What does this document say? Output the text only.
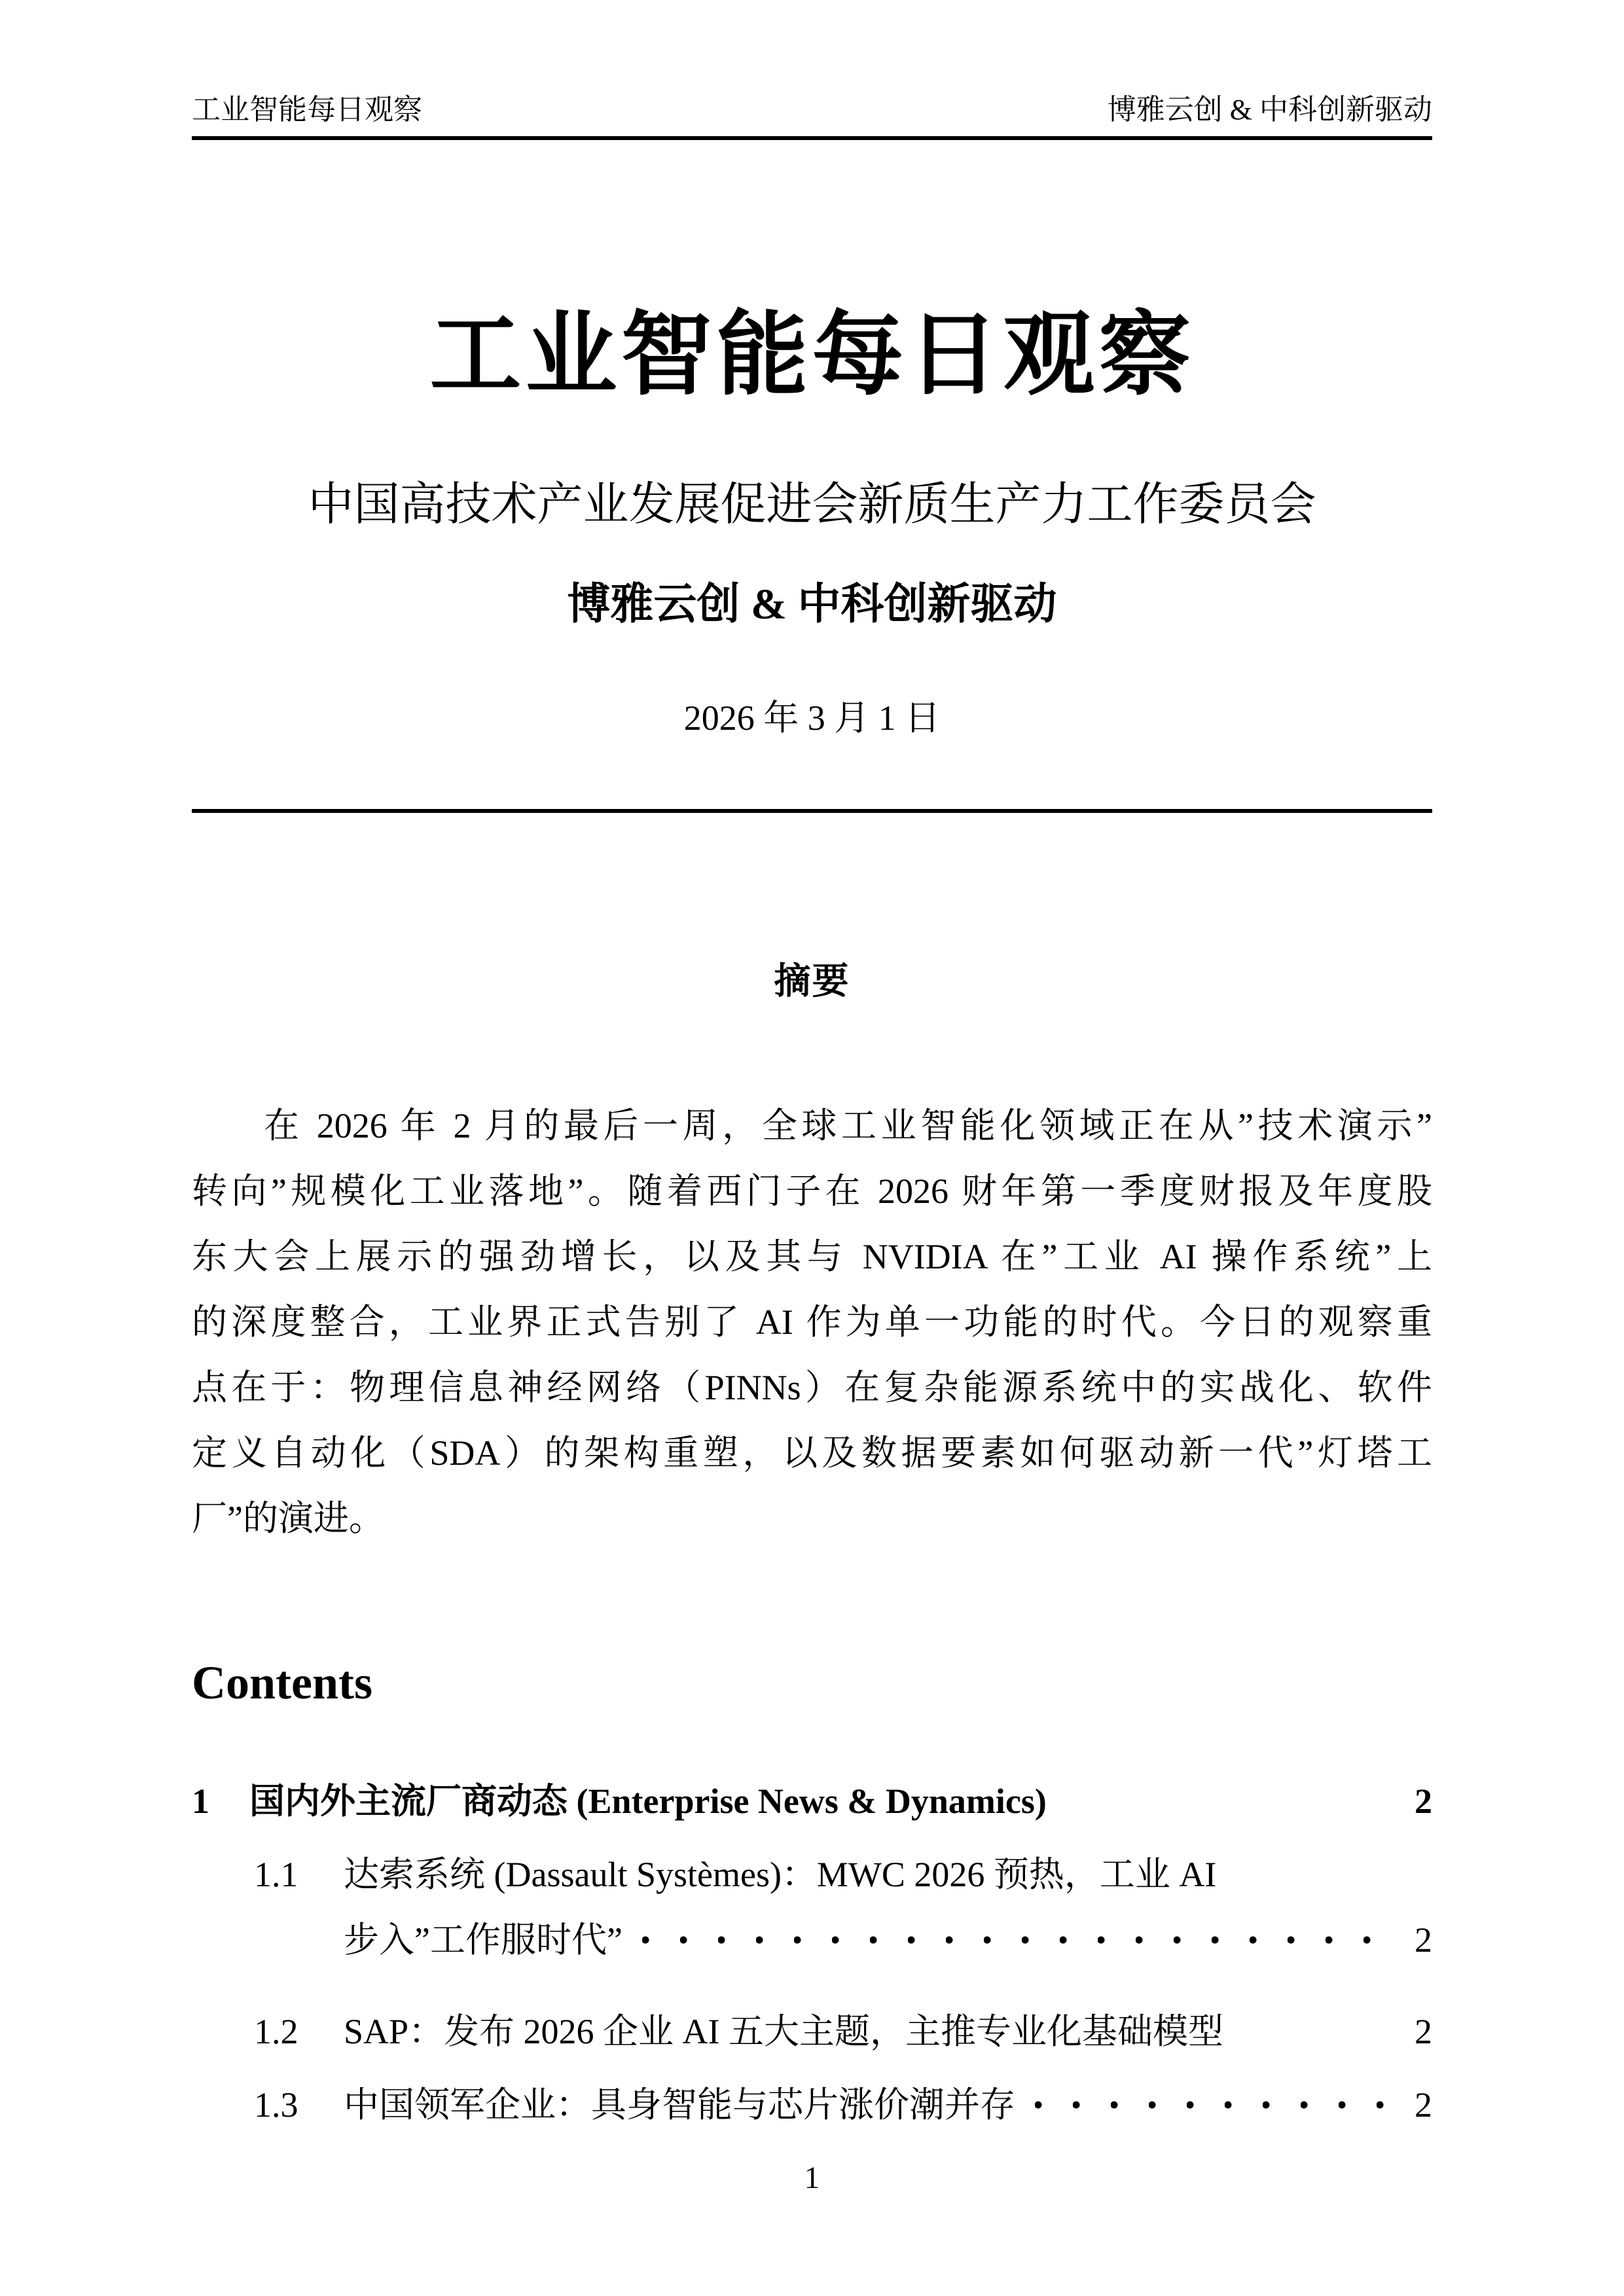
工业智能每日观察	博雅云创 & 中科创新驱动
工业智能每日观察
中国高技术产业发展促进会新质生产力工作委员会
博雅云创 & 中科创新驱动
2026 年 3 月 1 日
摘要
在 2026 年 2 月的最后一周，全球工业智能化领域正在从”技术演示”
转向”规模化工业落地”。随着西门子在 2026 财年第一季度财报及年度股
东大会上展示的强劲增长，以及其与 NVIDIA 在”工业 AI 操作系统”上
的深度整合，工业界正式告别了 AI 作为单一功能的时代。今日的观察重
点在于：物理信息神经网络（PINNs）在复杂能源系统中的实战化、软件
定义自动化（SDA）的架构重塑，以及数据要素如何驱动新一代”灯塔工
厂”的演进。
Contents
1	国内外主流厂商动态 (Enterprise News & Dynamics)	2
1.1	达索系统 (Dassault Systèmes)：MWC 2026 预热，工业 AI
步入”工作服时代”	2
1.2	SAP：发布 2026 企业 AI 五大主题，主推专业化基础模型	2
1.3	中国领军企业：具身智能与芯片涨价潮并存	2
1
